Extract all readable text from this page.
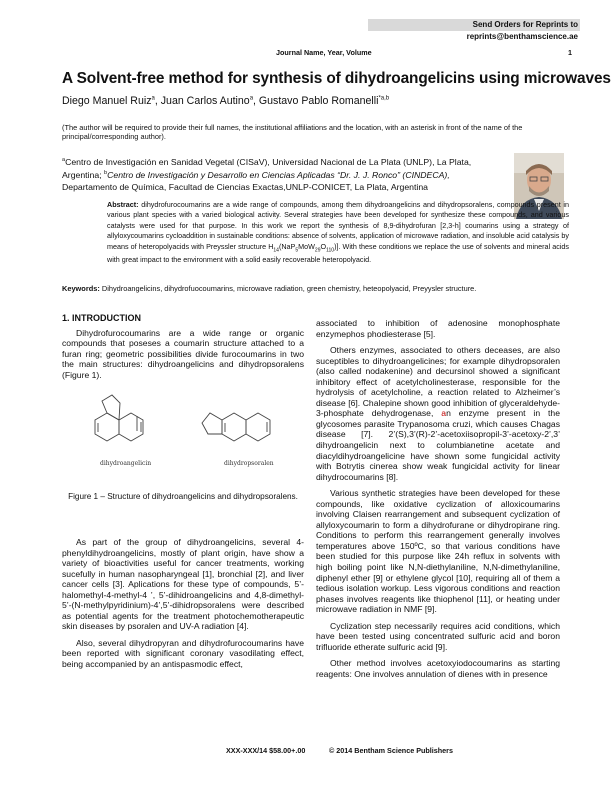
Send Orders for Reprints to reprints@benthamscience.ae
Journal Name, Year, Volume	1
A Solvent-free method for synthesis of dihydroangelicins using microwaves
Diego Manuel Ruiz$^a$, Juan Carlos Autino$^a$, Gustavo Pablo Romanelli$^{*a,b}$
(The author will be required to provide their full names, the institutional affiliations and the location, with an asterisk in front of the name of the principal/corresponding author).
$^a$Centro de Investigación en Sanidad Vegetal (CISaV), Universidad Nacional de La Plata (UNLP), La Plata, Argentina; $^b$Centro de Investigación y Desarrollo en Ciencias Aplicadas “Dr. J. J. Ronco” (CINDECA), Departamento de Química, Facultad de Ciencias Exactas,UNLP-CONICET, La Plata, Argentina
Abstract: dihydrofurocoumarins are a wide range of compounds, among them dihydroangelicins and dihydropsoralens, compounds present in various plant species with a varied biological activity. Several strategies have been developed for synthesize these compounds, and various catalysts were used for that purpose. In this work we report the synthesis of 8,9-dihydrofuran [2,3-h] coumarins using a strategy of allyloxycoumarins cycloaddition in sustainable conditions: absence of solvents, application of microwave radiation, and insoluble acid catalysis by means of heteropolyacids with Preyssler structure $H_{14}(NaP_5MoW_{29}O_{110})$]. With these conditions we replace the use of solvents and mineral acids with great impact to the environment with a solid easily recoverable heteropolyacid.
Keywords: Dihydroangelicins, dihydrofuocoumarins, microwave radiation, green chemistry, heteopolyacid, Preyysler structure.
1. INTRODUCTION

Dihydrofurocoumarins are a wide range or organic compounds that poseses a coumarin structure attached to a furan ring; geometric possibilities divide furocoumarins in two the main structures: dihydroangelicins and dihydropsoralens (Figure 1).

dihydroangelicin	dihydropsoralen
Figure 1 – Structure of dihydroangelicins and dihydropsoralens.

As part of the group of dihydroangelicins, several 4-phenyldihydroangelicins, mostly of plant origin, have show a variety of bioactivities useful for cancer treatments, working sucefully in human nasopharyngeal [1], bronchial [2], and liver cancer cells [3]. Aplications for these type of compounds, 5’-halomethyl-4-methyl-4 ’, 5’-dihidroangelicins and 4,8-dimethyl-5’-(N-methylpyridinium)-4’,5’-dihidropsoralens were described as potential agents for the treatment photochemotherapeutic skin diseases by psoralen and UV-A radiation [4].

Also, several dihydropyran and dihydrofurocoumarins have been reported with significant coronary vasodilating effect, being accompanied by an antispasmodic effect,

associated to inhibition of adenosine monophosphate enzymephos phodiesterase [5].

Others enzymes, associated to others deceases, are also suceptibles to dihydroangelicines; for example dihydropsoralen (also called nodakenine) and decursinol showed a significant inhibitory effect of acetylcholinesterase, responsible for the hydrolysis of acetylcholine, a reaction related to Alzheimer’s disease [6]. Chalepine shown good inhibition of glyceraldehyde-3-phosphate dehydrogenase, an enzyme present in the glycosomes parasite Trypanosoma cruzi, which causes Chagas disease [7]. 2’(S),3’(R)-2’-acetoxiisopropil-3’-acetoxy-2’,3’ dihydroangelicin next to columbianetine acetate and diacyldihydroangelicine have shown some fungicidal activity with Botrytis cinerea show weak fungicidal activity for linear dihydrocoumarins [8].

Various synthetic strategies have been developed for these compounds, like oxidative cyclization of alloxicoumarins involving Claisen rearrangement and subsequent cyclization of allyloxycoumarin to form a dihydrofurane or dihydropirane ring. Conditions to perform this rearrangement generally involves temperatures above 150ºC, so that various conditions have been studied for this purpose like 24h reflux in solvents with high boiling point like N,N-diethylaniline, N,N-dimethylaniline, diphenyl ether [9] or ethylene glycol [10], requiring all of them a tedious isolation workup. Less vigorous conditions and reaction phases involves reagents like thiophenol [11], or heating under microwave radiation in NMF [9].

Cyclization step necessarily requires acid conditions, which have been tested using concentrated sulfuric acid and boron trifluoride etherate sulfuric acid [9].

Other method involves acetoxyiodocoumarins as starting reagents: One involves annulation of dienes with in presence

XXX-XXX/14 $58.00+.00	© 2014 Bentham Science Publishers
